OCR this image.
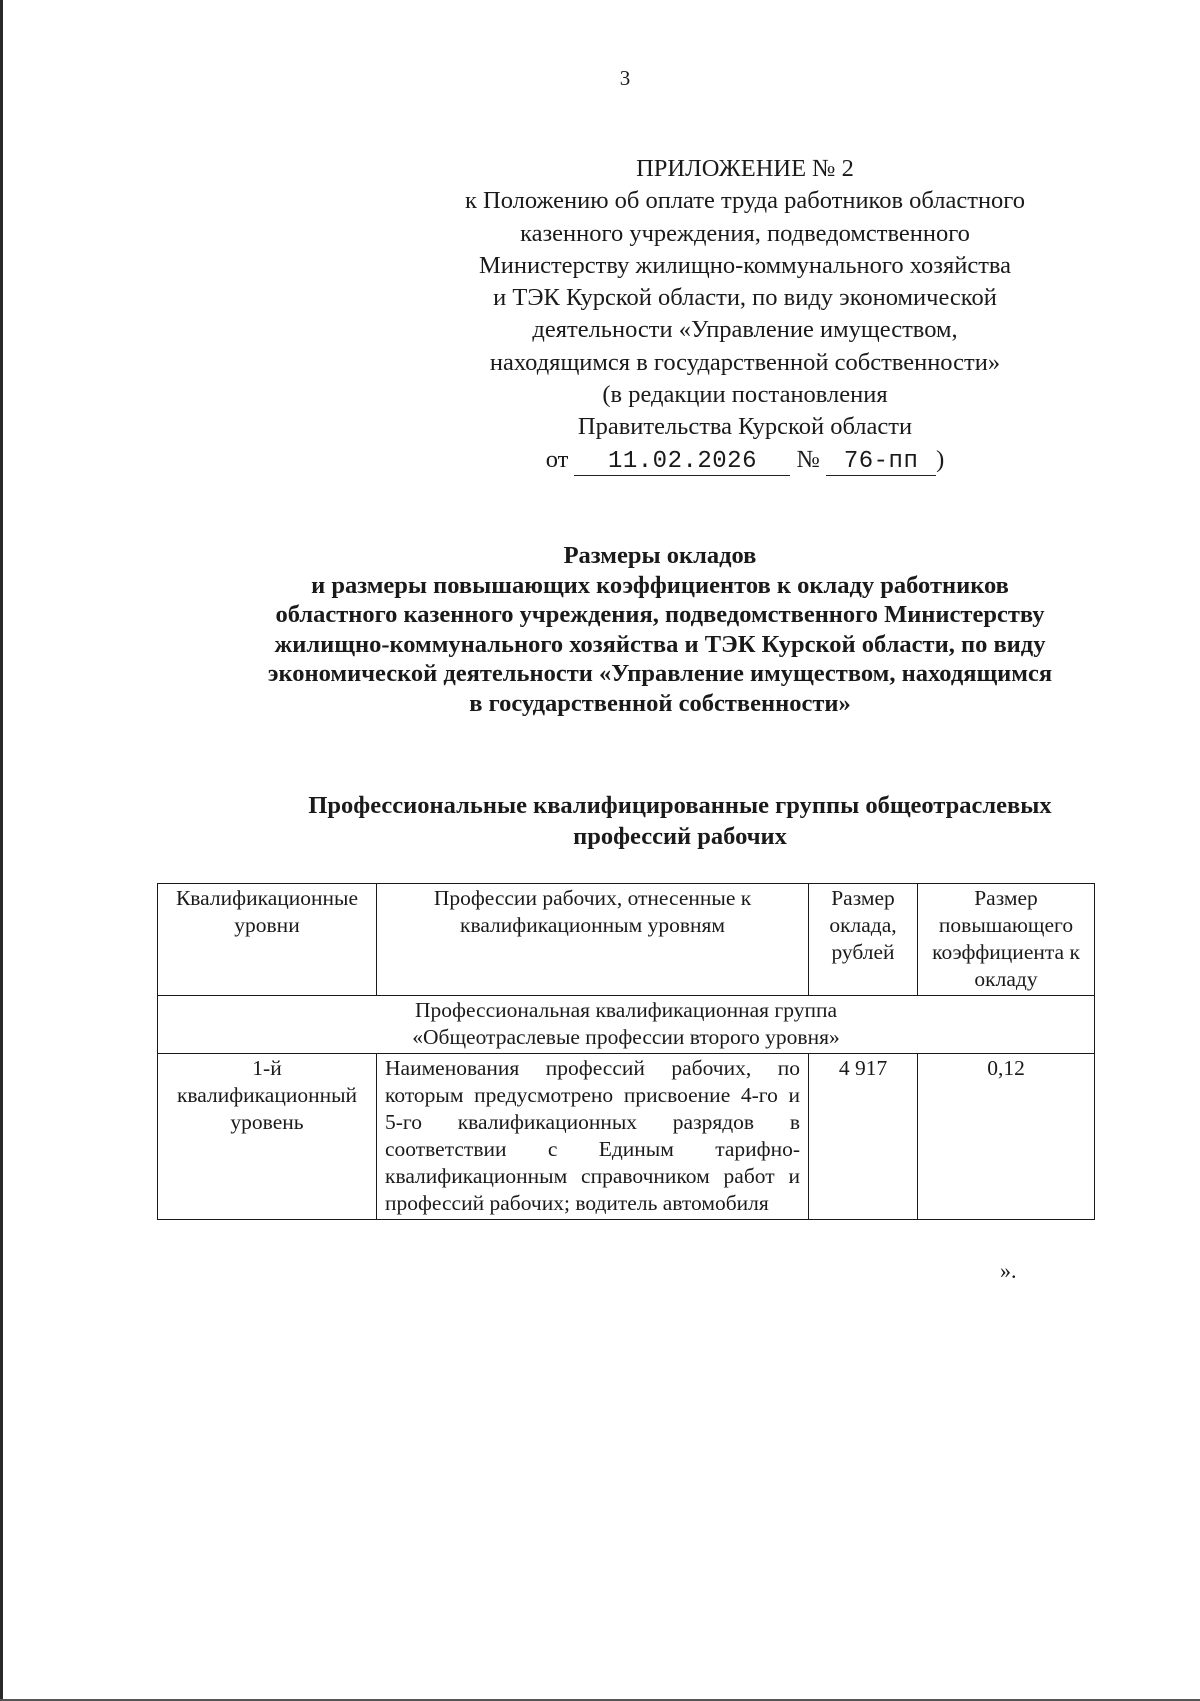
3
ПРИЛОЖЕНИЕ № 2
к Положению об оплате труда работников областного
казенного учреждения, подведомственного
Министерству жилищно-коммунального хозяйства
и ТЭК Курской области, по виду экономической
деятельности «Управление имуществом,
находящимся в государственной собственности»
(в редакции постановления
Правительства Курской области
от 11.02.2026 № 76-пп )
Размеры окладов
и размеры повышающих коэффициентов к окладу работников
областного казенного учреждения, подведомственного Министерству
жилищно-коммунального хозяйства и ТЭК Курской области, по виду
экономической деятельности «Управление имуществом, находящимся
в государственной собственности»
Профессиональные квалифицированные группы общеотраслевых
профессий рабочих
Квалификационные уровни	Профессии рабочих, отнесенные к квалификационным уровням	Размер оклада, рублей	Размер повышающего коэффициента к окладу
Профессиональная квалификационная группа «Общеотраслевые профессии второго уровня»			
1-й квалификационный уровень	Наименования профессий рабочих, по которым предусмотрено присвоение 4-го и 5-го квалификационных разрядов в соответствии с Единым тарифно-квалификационным справочником работ и профессий рабочих; водитель автомобиля	4 917	0,12
».
